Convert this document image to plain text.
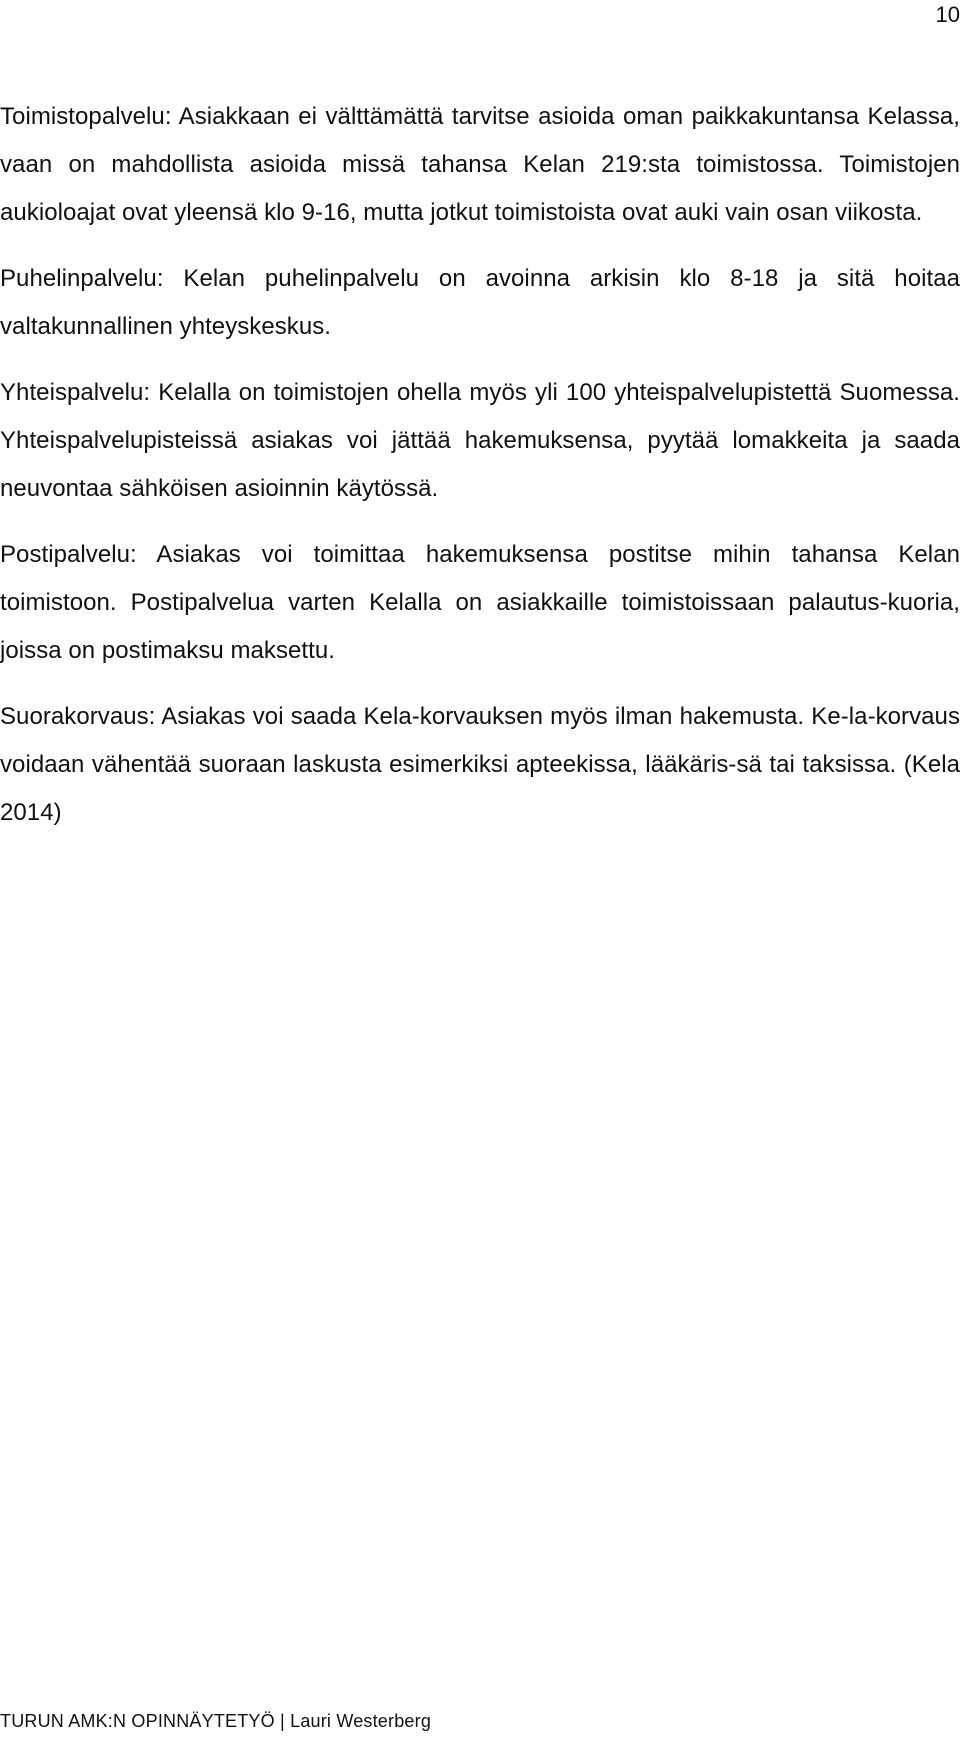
10

Toimistopalvelu: Asiakkaan ei välttämättä tarvitse asioida oman paikkakuntansa Kelassa, vaan on mahdollista asioida missä tahansa Kelan 219:sta toimistossa. Toimistojen aukioloajat ovat yleensä klo 9-16, mutta jotkut toimistoista ovat auki vain osan viikosta.

Puhelinpalvelu: Kelan puhelinpalvelu on avoinna arkisin klo 8-18 ja sitä hoitaa valtakunnallinen yhteyskeskus.

Yhteispalvelu: Kelalla on toimistojen ohella myös yli 100 yhteispalvelupistettä Suomessa. Yhteispalvelupisteissä asiakas voi jättää hakemuksensa, pyytää lomakkeita ja saada neuvontaa sähköisen asioinnin käytössä.

Postipalvelu: Asiakas voi toimittaa hakemuksensa postitse mihin tahansa Kelan toimistoon. Postipalvelua varten Kelalla on asiakkaille toimistoissaan palautus-kuoria, joissa on postimaksu maksettu.

Suorakorvaus: Asiakas voi saada Kela-korvauksen myös ilman hakemusta. Ke-la-korvaus voidaan vähentää suoraan laskusta esimerkiksi apteekissa, lääkäris-sä tai taksissa. (Kela 2014)

TURUN AMK:N OPINNÄYTETYÖ | Lauri Westerberg
